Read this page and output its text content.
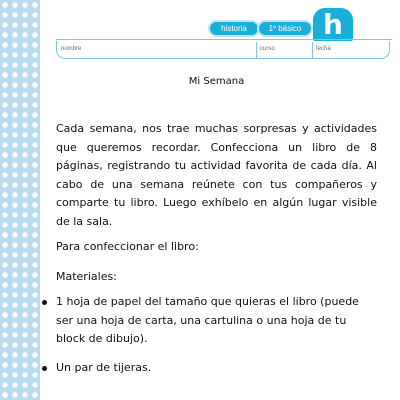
historia	1º básico h
nombre	curso	fecha
Mi Semana

Cada semana, nos trae muchas sorpresas y actividades que queremos recordar. Confecciona un libro de 8 páginas, registrando tu actividad favorita de cada día. Al cabo de una semana reúnete con tus compañeros y comparte tu libro. Luego exhíbelo en algún lugar visible de la sala.

Para confeccionar el libro:

Materiales:

1 hoja de papel del tamaño que quieras el libro (puede ser una hoja de carta, una cartulina o una hoja de tu block de dibujo).
Un par de tijeras.
